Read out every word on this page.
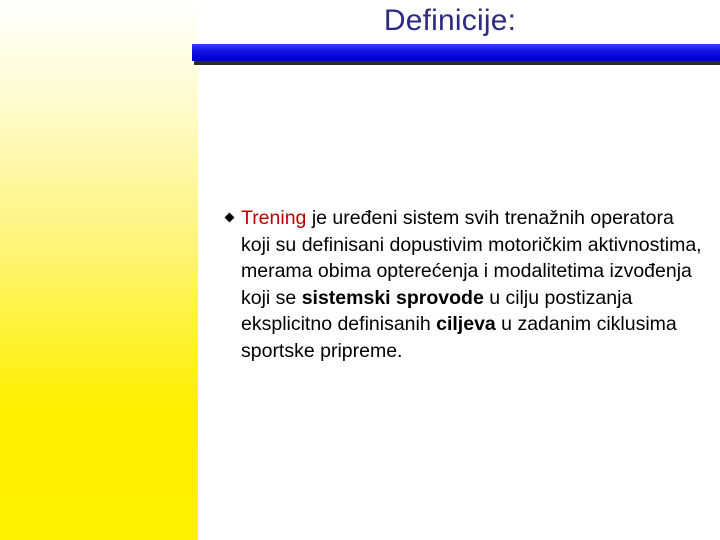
Definicije:
Trening je uređeni sistem svih trenažnih operatora koji su definisani dopustivim motoričkim aktivnostima, merama obima opterećenja i modalitetima izvođenja koji se sistemski sprovode u cilju postizanja eksplicitno definisanih ciljeva u zadanim ciklusima sportske pripreme.
